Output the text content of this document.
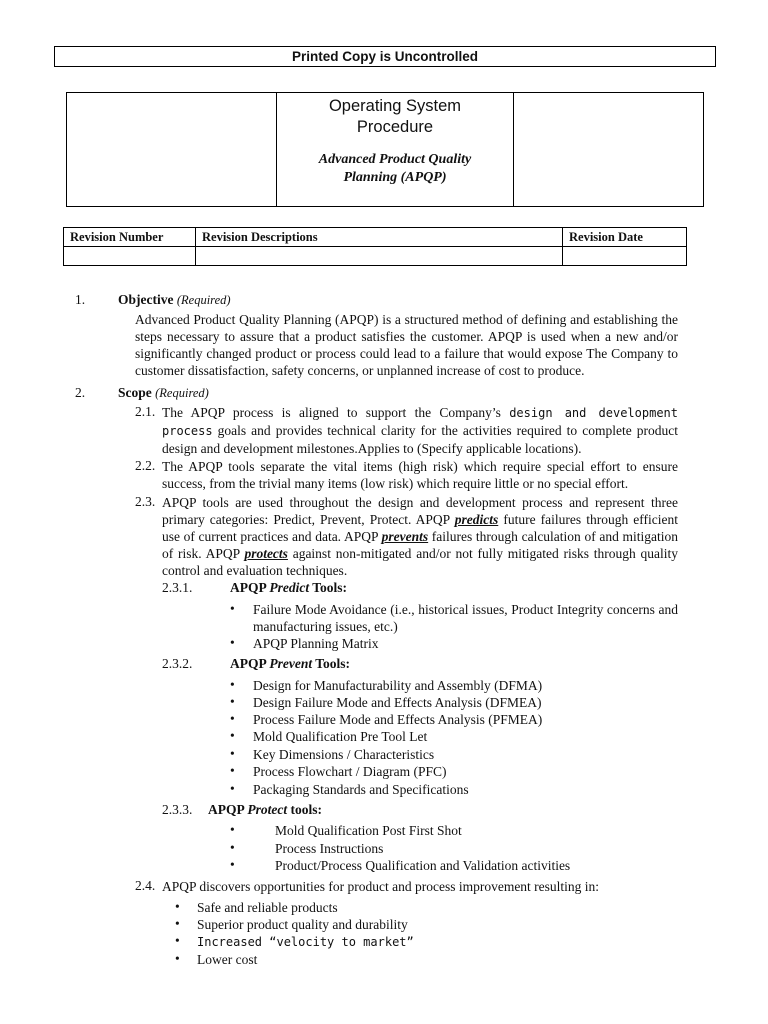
Printed Copy is Uncontrolled
Operating System
Procedure
Advanced Product Quality
Planning (APQP)
Revision Number	Revision Descriptions	Revision Date

1. Objective (Required)
Advanced Product Quality Planning (APQP) is a structured method of defining and establishing the steps necessary to assure that a product satisfies the customer. APQP is used when a new and/or significantly changed product or process could lead to a failure that would expose The Company to customer dissatisfaction, safety concerns, or unplanned increase of cost to produce.
2. Scope (Required)
2.1. The APQP process is aligned to support the Company’s design and development process goals and provides technical clarity for the activities required to complete product design and development milestones.Applies to (Specify applicable locations).
2.2. The APQP tools separate the vital items (high risk) which require special effort to ensure success, from the trivial many items (low risk) which require little or no special effort.
2.3. APQP tools are used throughout the design and development process and represent three primary categories: Predict, Prevent, Protect. APQP predicts future failures through efficient use of current practices and data. APQP prevents failures through calculation of and mitigation of risk. APQP protects against non-mitigated and/or not fully mitigated risks through quality control and evaluation techniques.
2.3.1.	APQP Predict Tools:
• Failure Mode Avoidance (i.e., historical issues, Product Integrity concerns and manufacturing issues, etc.)
• APQP Planning Matrix
2.3.2.	APQP Prevent Tools:
• Design for Manufacturability and Assembly (DFMA)
• Design Failure Mode and Effects Analysis (DFMEA)
• Process Failure Mode and Effects Analysis (PFMEA)
• Mold Qualification Pre Tool Let
• Key Dimensions / Characteristics
• Process Flowchart / Diagram (PFC)
• Packaging Standards and Specifications
2.3.3. APQP Protect tools:
•	Mold Qualification Post First Shot
•	Process Instructions
•	Product/Process Qualification and Validation activities
2.4. APQP discovers opportunities for product and process improvement resulting in:
• Safe and reliable products
• Superior product quality and durability
• Increased “velocity to market”
• Lower cost
